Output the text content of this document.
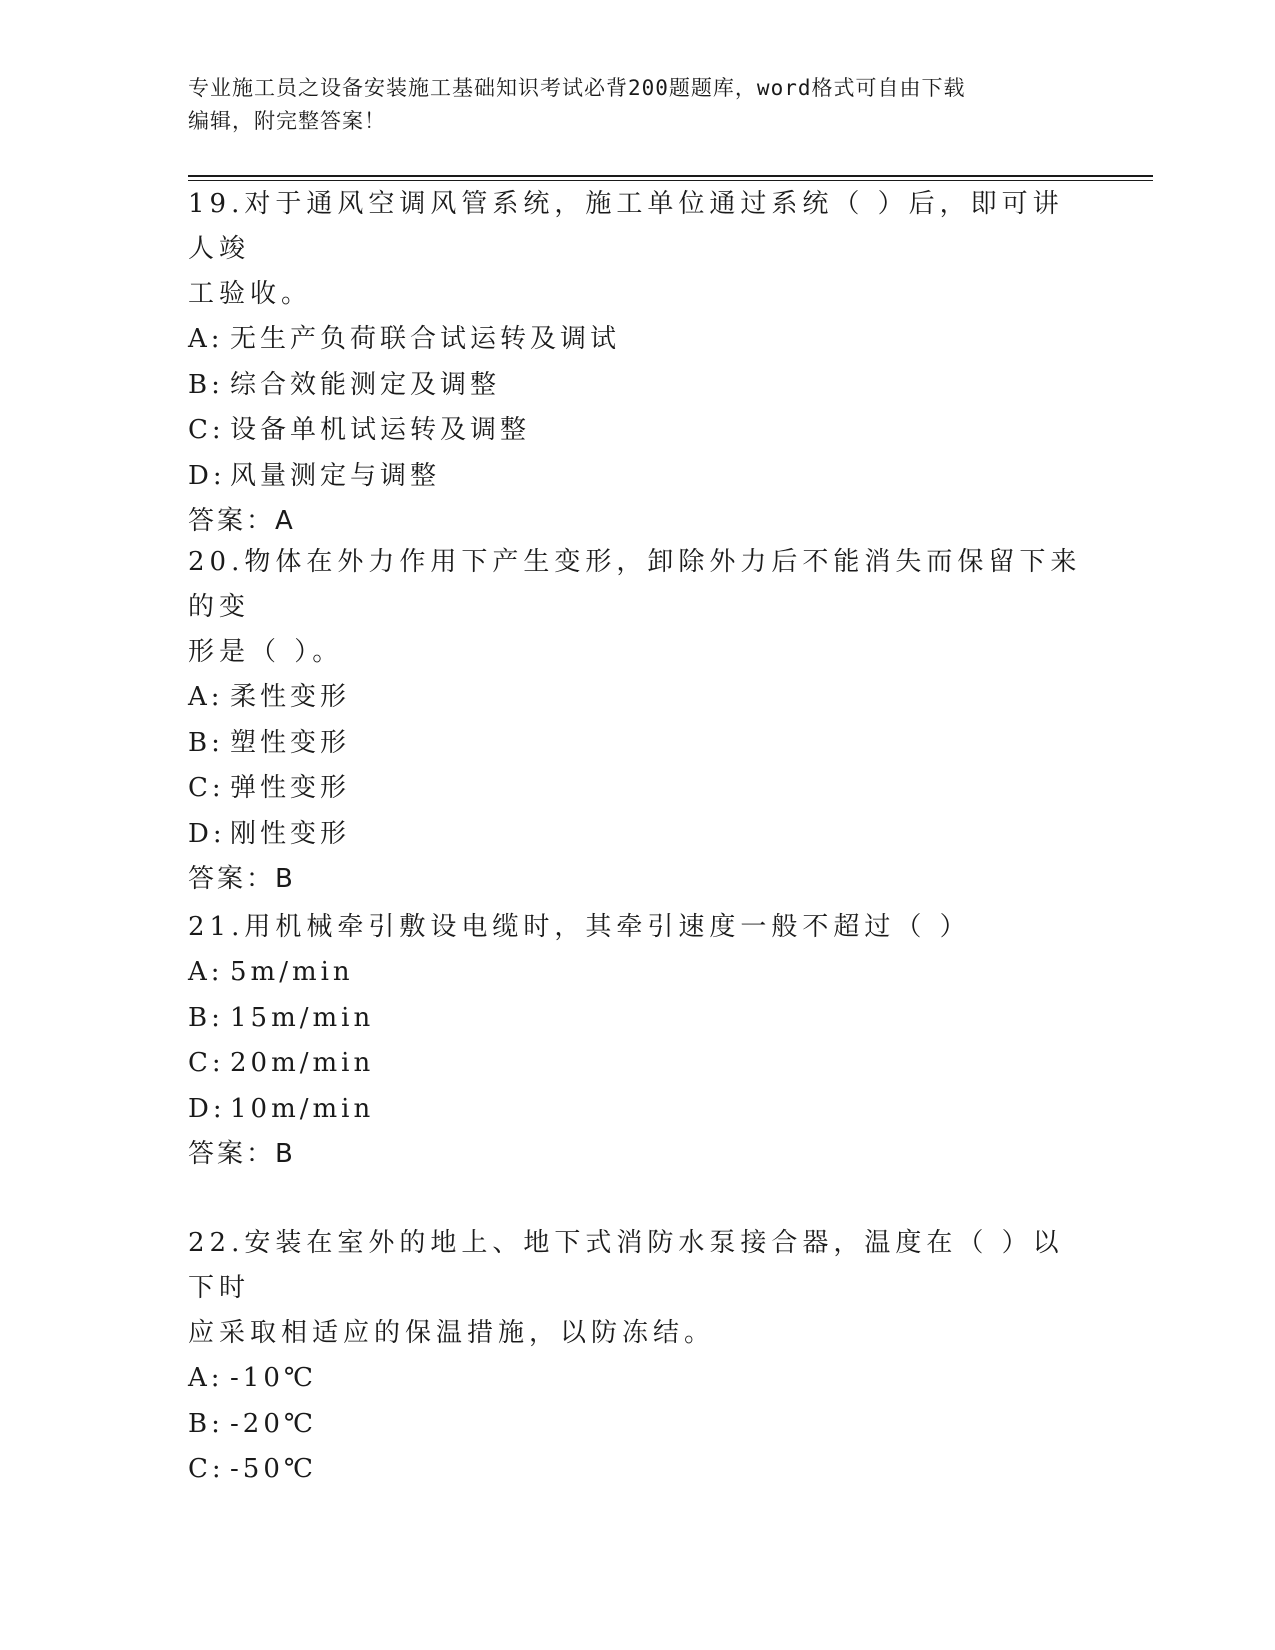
专业施工员之设备安装施工基础知识考试必背200题题库，word格式可自由下载
编辑，附完整答案！

19.对于通风空调风管系统，施工单位通过系统（ ）后，即可讲人竣
工验收。

A: 无生产负荷联合试运转及调试

B: 综合效能测定及调整

C: 设备单机试运转及调整

D: 风量测定与调整

答案：A

20.物体在外力作用下产生变形，卸除外力后不能消失而保留下来的变
形是（ ）。

A: 柔性变形

B: 塑性变形

C: 弹性变形

D: 刚性变形

答案：B

21.用机械牵引敷设电缆时，其牵引速度一般不超过（ ）

A: 5m/min

B: 15m/min

C: 20m/min

D: 10m/min

答案：B

22.安装在室外的地上、地下式消防水泵接合器，温度在（ ）以下时
应采取相适应的保温措施，以防冻结。

A: -10℃

B: -20℃

C: -50℃
